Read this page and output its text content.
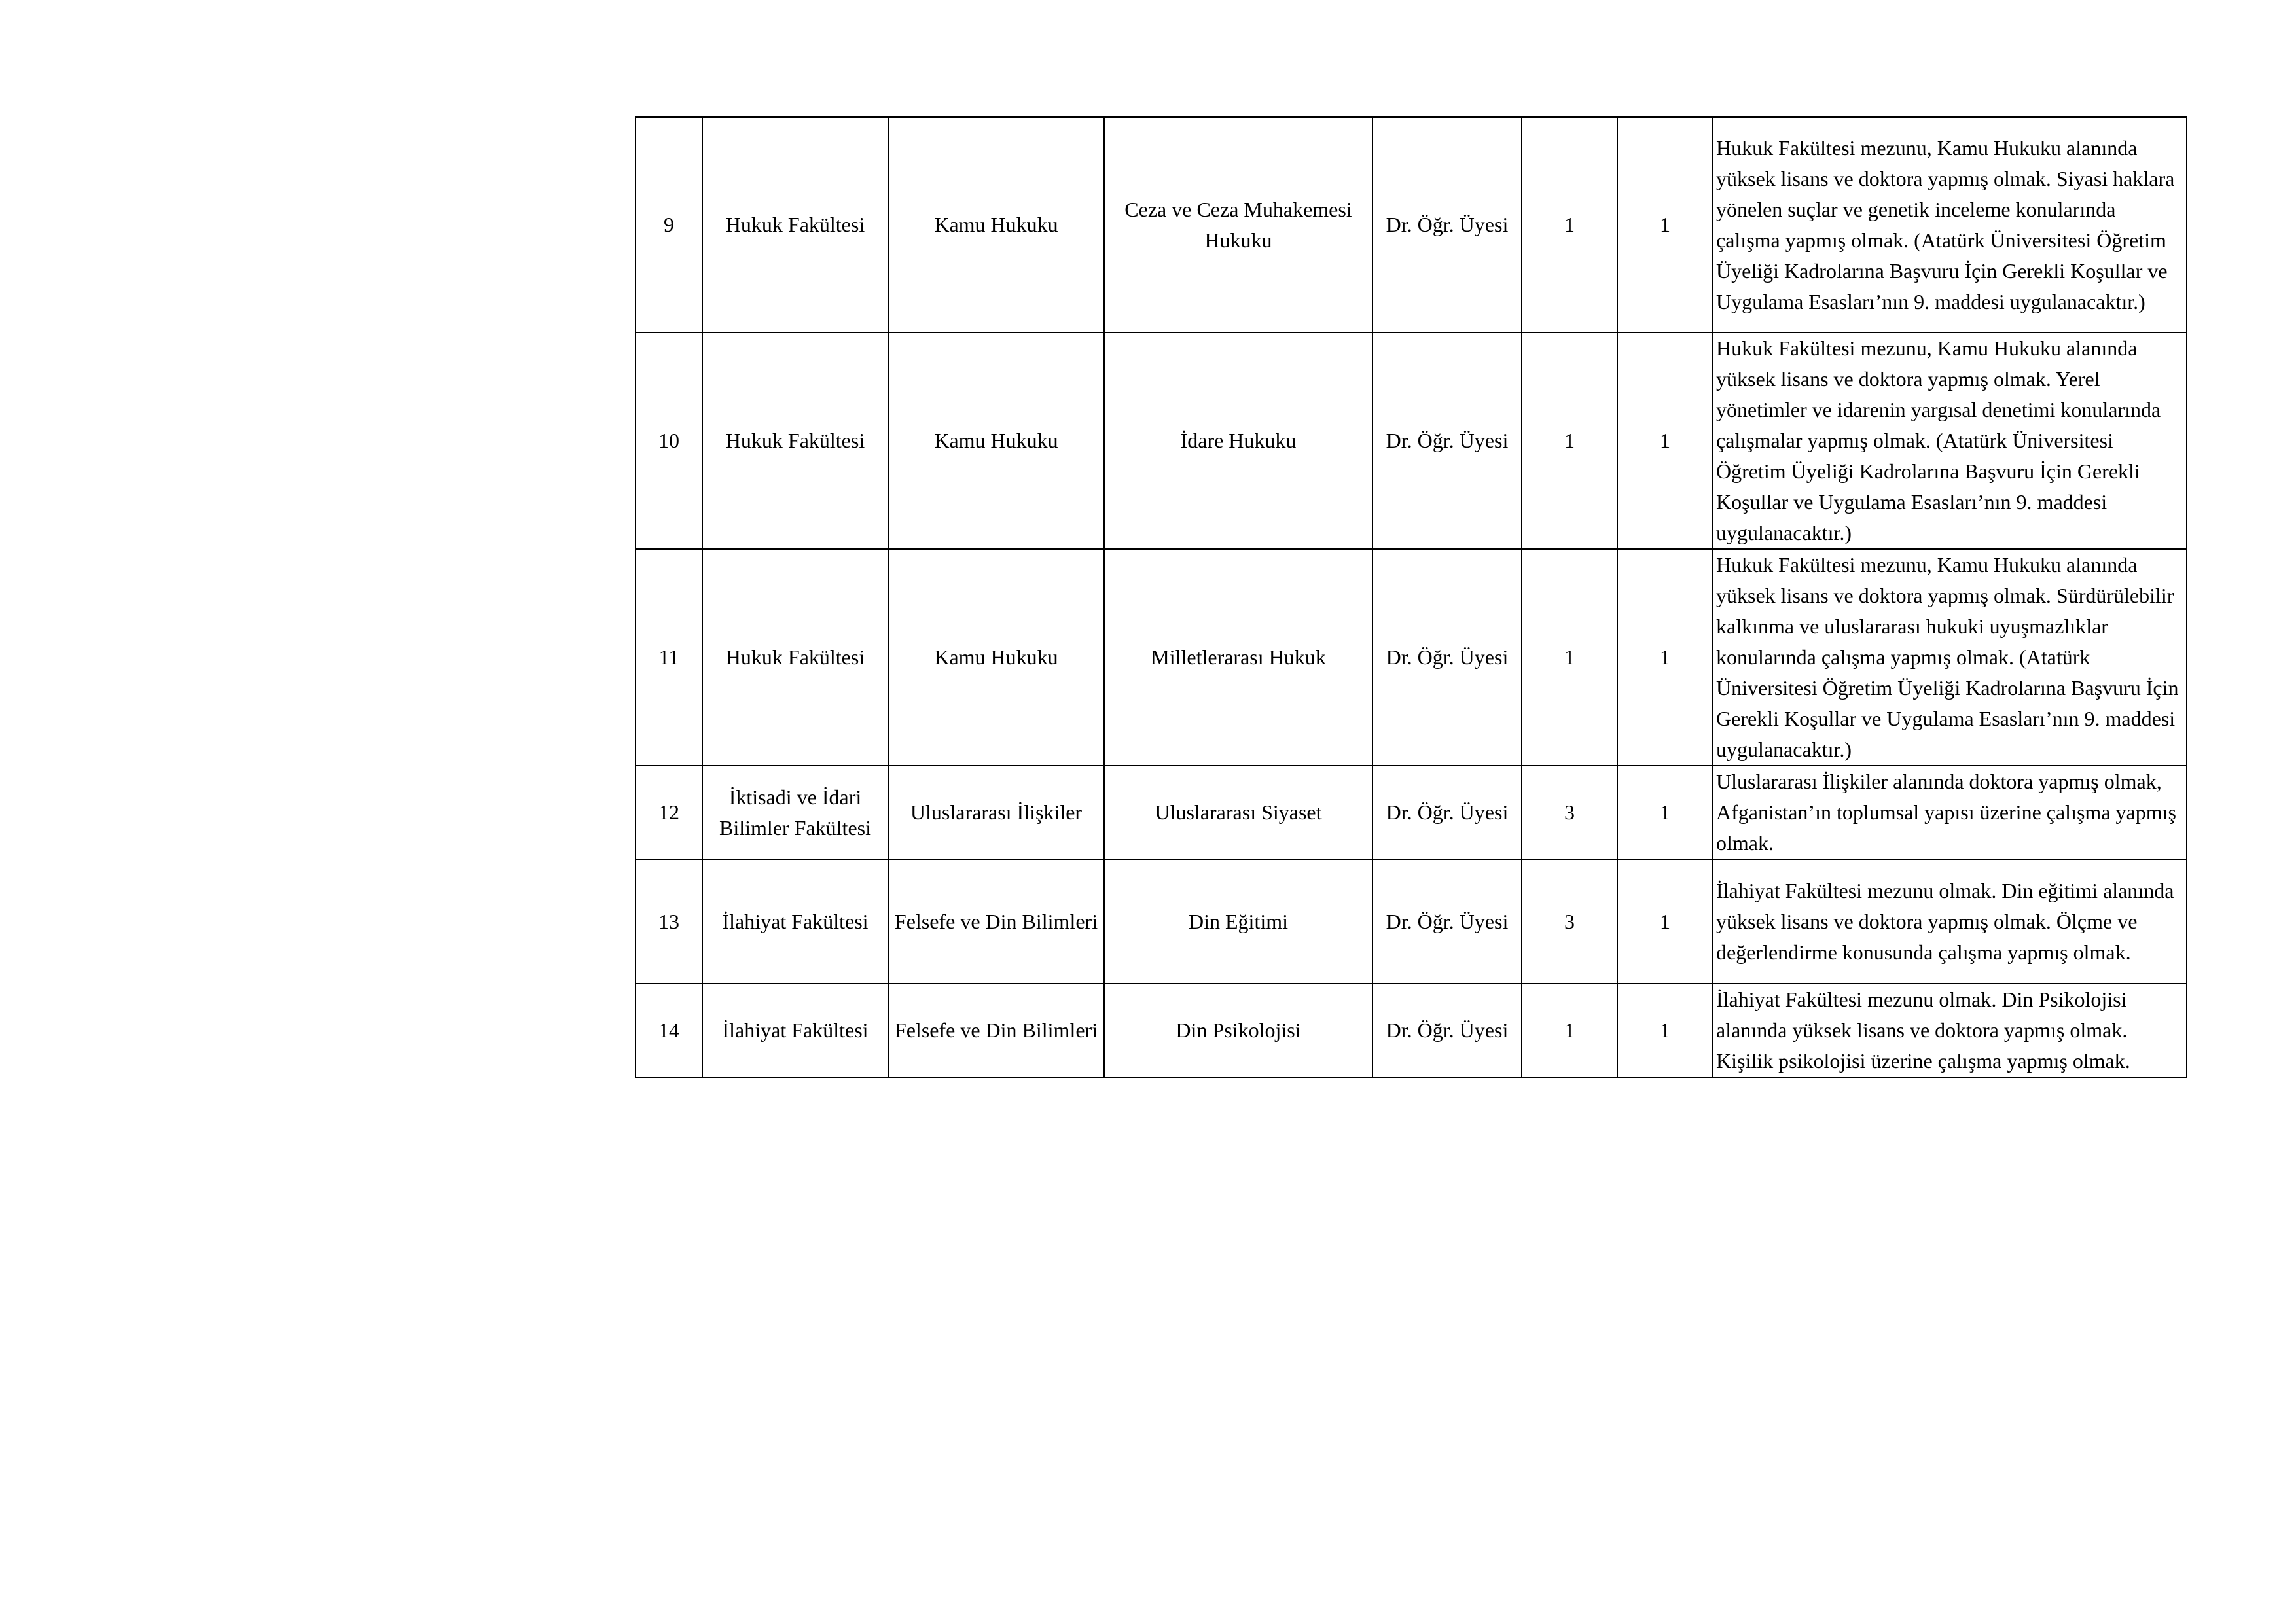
9	Hukuk Fakültesi	Kamu Hukuku	Ceza ve Ceza Muhakemesi Hukuku	Dr. Öğr. Üyesi	1	1	Hukuk Fakültesi mezunu, Kamu Hukuku alanında yüksek lisans ve doktora yapmış olmak. Siyasi haklara yönelen suçlar ve genetik inceleme konularında çalışma yapmış olmak. (Atatürk Üniversitesi Öğretim Üyeliği Kadrolarına Başvuru İçin Gerekli Koşullar ve Uygulama Esasları’nın 9. maddesi uygulanacaktır.)
10	Hukuk Fakültesi	Kamu Hukuku	İdare Hukuku	Dr. Öğr. Üyesi	1	1	Hukuk Fakültesi mezunu, Kamu Hukuku alanında yüksek lisans ve doktora yapmış olmak. Yerel yönetimler ve idarenin yargısal denetimi konularında çalışmalar yapmış olmak. (Atatürk Üniversitesi Öğretim Üyeliği Kadrolarına Başvuru İçin Gerekli Koşullar ve Uygulama Esasları’nın 9. maddesi uygulanacaktır.)
11	Hukuk Fakültesi	Kamu Hukuku	Milletlerarası Hukuk	Dr. Öğr. Üyesi	1	1	Hukuk Fakültesi mezunu, Kamu Hukuku alanında yüksek lisans ve doktora yapmış olmak. Sürdürülebilir kalkınma ve uluslararası hukuki uyuşmazlıklar konularında çalışma yapmış olmak. (Atatürk Üniversitesi Öğretim Üyeliği Kadrolarına Başvuru İçin Gerekli Koşullar ve Uygulama Esasları’nın 9. maddesi uygulanacaktır.)
12	İktisadi ve İdari Bilimler Fakültesi	Uluslararası İlişkiler	Uluslararası Siyaset	Dr. Öğr. Üyesi	3	1	Uluslararası İlişkiler alanında doktora yapmış olmak, Afganistan’ın toplumsal yapısı üzerine çalışma yapmış olmak.
13	İlahiyat Fakültesi	Felsefe ve Din Bilimleri	Din Eğitimi	Dr. Öğr. Üyesi	3	1	İlahiyat Fakültesi mezunu olmak. Din eğitimi alanında yüksek lisans ve doktora yapmış olmak. Ölçme ve değerlendirme konusunda çalışma yapmış olmak.
14	İlahiyat Fakültesi	Felsefe ve Din Bilimleri	Din Psikolojisi	Dr. Öğr. Üyesi	1	1	İlahiyat Fakültesi mezunu olmak. Din Psikolojisi alanında yüksek lisans ve doktora yapmış olmak. Kişilik psikolojisi üzerine çalışma yapmış olmak.
